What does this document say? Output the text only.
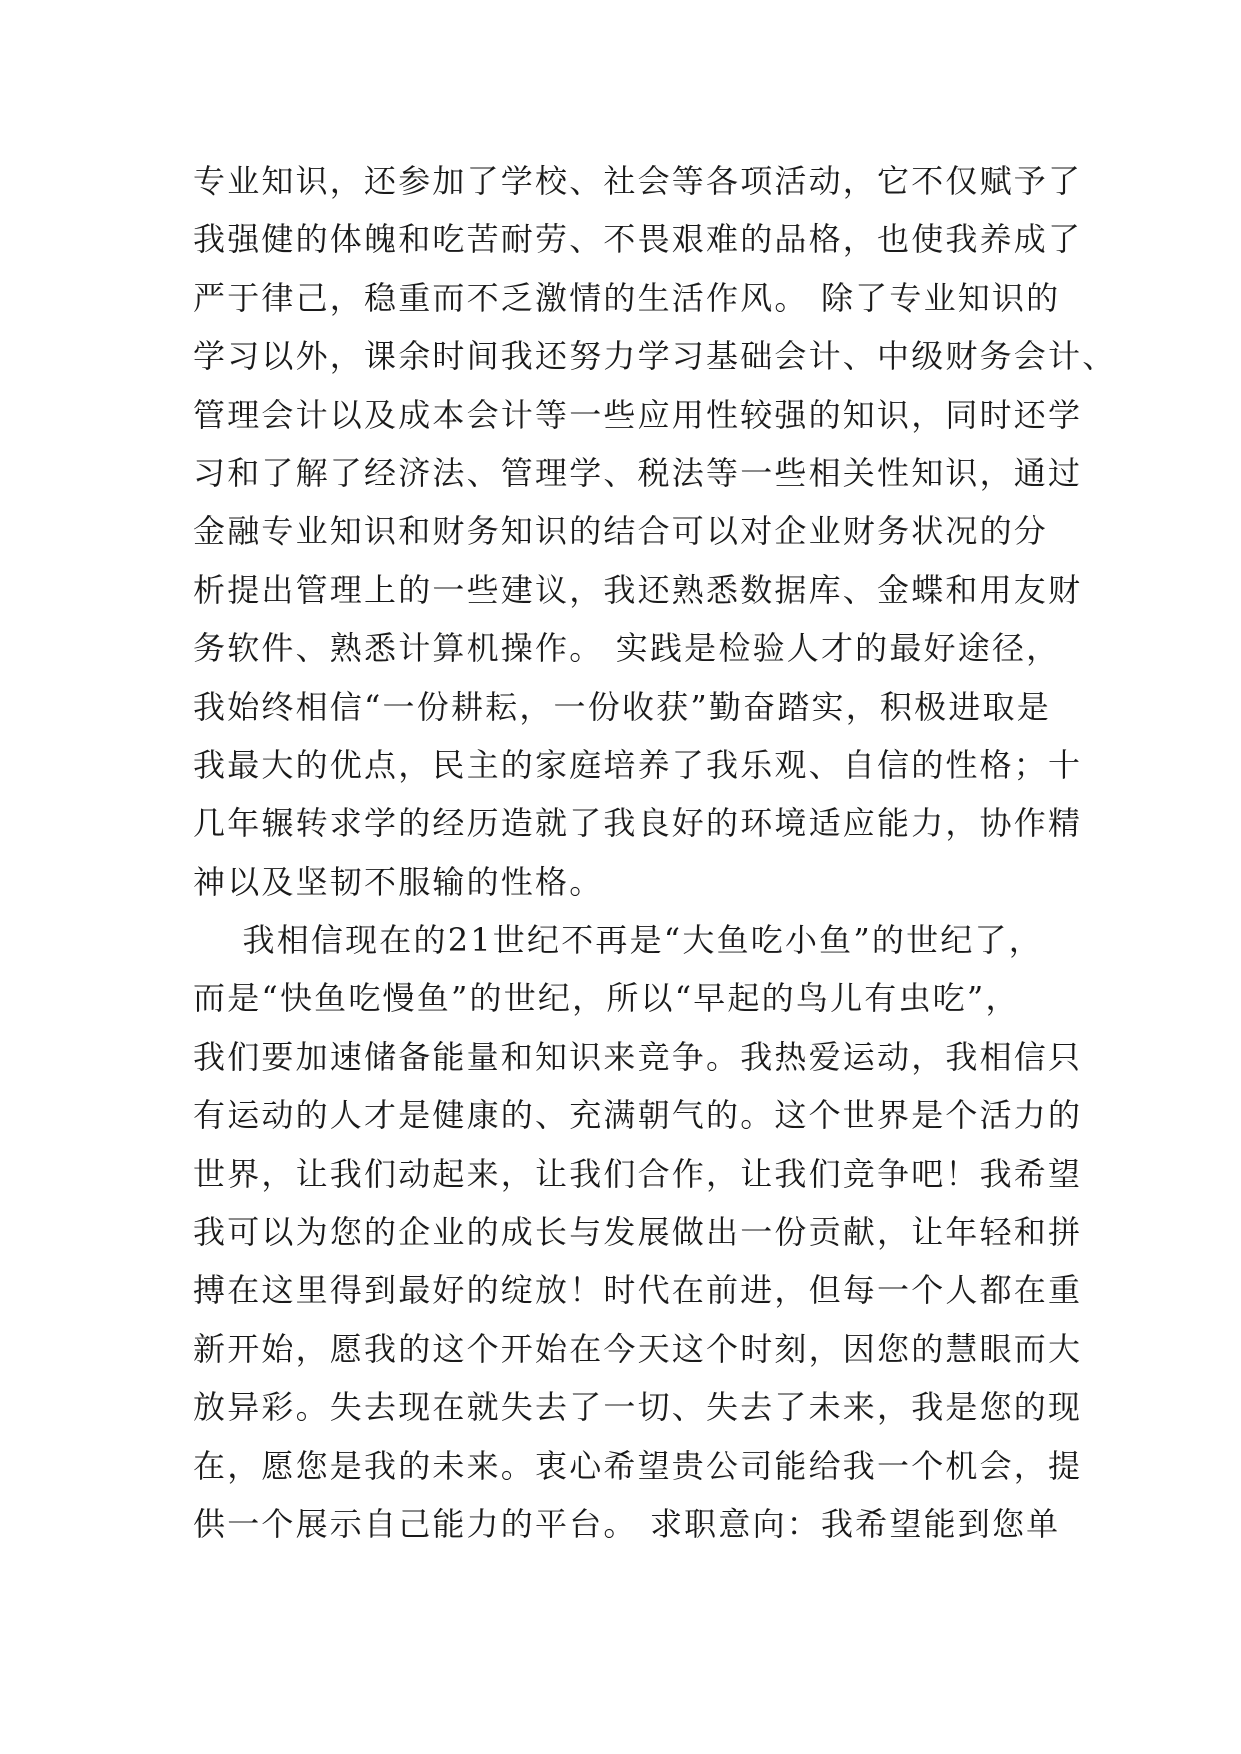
专业知识，还参加了学校、社会等各项活动，它不仅赋予了
我强健的体魄和吃苦耐劳、不畏艰难的品格，也使我养成了
严于律己，稳重而不乏激情的生活作风。 除了专业知识的
学习以外，课余时间我还努力学习基础会计、中级财务会计、
管理会计以及成本会计等一些应用性较强的知识，同时还学
习和了解了经济法、管理学、税法等一些相关性知识，通过
金融专业知识和财务知识的结合可以对企业财务状况的分
析提出管理上的一些建议，我还熟悉数据库、金蝶和用友财
务软件、熟悉计算机操作。 实践是检验人才的最好途径，
我始终相信“一份耕耘，一份收获”勤奋踏实，积极进取是
我最大的优点，民主的家庭培养了我乐观、自信的性格；十
几年辗转求学的经历造就了我良好的环境适应能力，协作精
神以及坚韧不服输的性格。
我相信现在的21世纪不再是“大鱼吃小鱼”的世纪了，
而是“快鱼吃慢鱼”的世纪，所以“早起的鸟儿有虫吃”，
我们要加速储备能量和知识来竞争。我热爱运动，我相信只
有运动的人才是健康的、充满朝气的。这个世界是个活力的
世界，让我们动起来，让我们合作，让我们竞争吧！我希望
我可以为您的企业的成长与发展做出一份贡献，让年轻和拼
搏在这里得到最好的绽放！时代在前进，但每一个人都在重
新开始，愿我的这个开始在今天这个时刻，因您的慧眼而大
放异彩。失去现在就失去了一切、失去了未来，我是您的现
在，愿您是我的未来。衷心希望贵公司能给我一个机会，提
供一个展示自己能力的平台。 求职意向：我希望能到您单
